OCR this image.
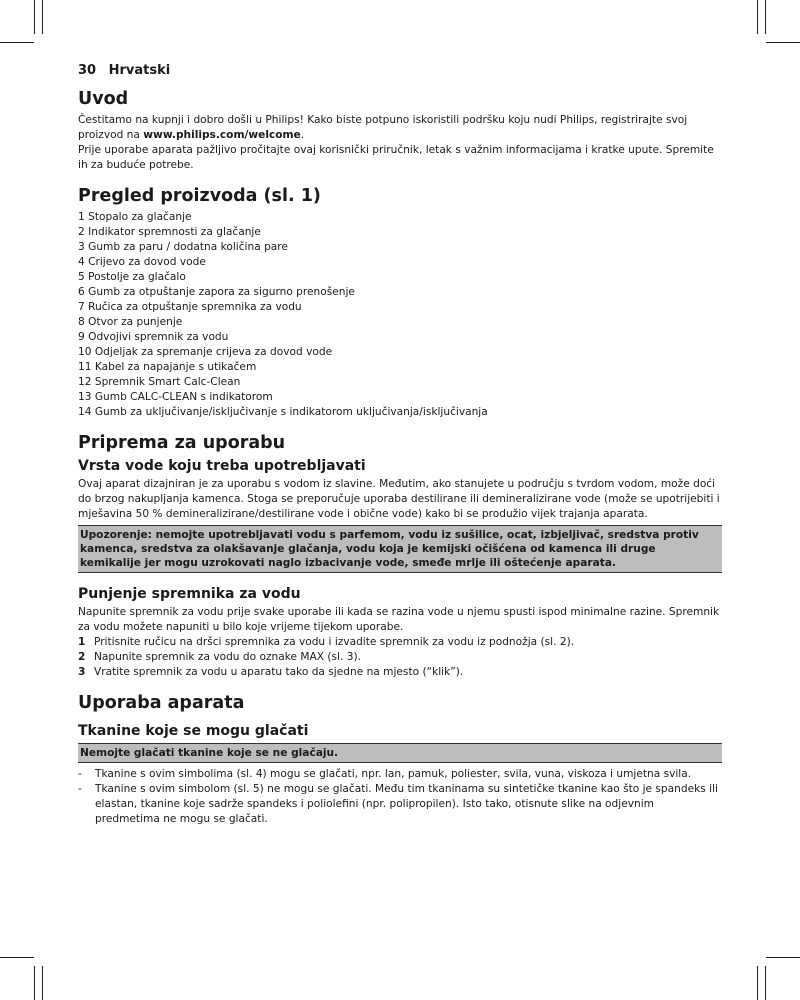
30 Hrvatski
Uvod

Čestitamo na kupnji i dobro došli u Philips! Kako biste potpuno iskoristili podršku koju nudi Philips, registrirajte svoj proizvod na www.philips.com/welcome.

Prije uporabe aparata pažljivo pročitajte ovaj korisnički priručnik, letak s važnim informacijama i kratke upute. Spremite ih za buduće potrebe.

Pregled proizvoda (sl. 1)
1 Stopalo za glačanje
2 Indikator spremnosti za glačanje
3 Gumb za paru / dodatna količina pare
4 Crijevo za dovod vode
5 Postolje za glačalo
6 Gumb za otpuštanje zapora za sigurno prenošenje
7 Ručica za otpuštanje spremnika za vodu
8 Otvor za punjenje
9 Odvojivi spremnik za vodu
10 Odjeljak za spremanje crijeva za dovod vode
11 Kabel za napajanje s utikačem
12 Spremnik Smart Calc-Clean
13 Gumb CALC-CLEAN s indikatorom
14 Gumb za uključivanje/isključivanje s indikatorom uključivanja/isključivanja
Priprema za uporabu
Vrsta vode koju treba upotrebljavati

Ovaj aparat dizajniran je za uporabu s vodom iz slavine. Međutim, ako stanujete u području s tvrdom vodom, može doći do brzog nakupljanja kamenca. Stoga se preporučuje uporaba destilirane ili demineralizirane vode (može se upotrijebiti i mješavina 50 % demineralizirane/destilirane vode i obične vode) kako bi se produžio vijek trajanja aparata.

Upozorenje: nemojte upotrebljavati vodu s parfemom, vodu iz sušilice, ocat, izbjeljivač, sredstva protiv kamenca, sredstva za olakšavanje glačanja, vodu koja je kemijski očišćena od kamenca ili druge kemikalije jer mogu uzrokovati naglo izbacivanje vode, smeđe mrlje ili oštećenje aparata.
Punjenje spremnika za vodu

Napunite spremnik za vodu prije svake uporabe ili kada se razina vode u njemu spusti ispod minimalne razine. Spremnik za vodu možete napuniti u bilo koje vrijeme tijekom uporabe.

1 Pritisnite ručicu na dršci spremnika za vodu i izvadite spremnik za vodu iz podnožja (sl. 2).
2 Napunite spremnik za vodu do oznake MAX (sl. 3).
3 Vratite spremnik za vodu u aparatu tako da sjedne na mjesto (“klik”).
Uporaba aparata
Tkanine koje se mogu glačati
Nemojte glačati tkanine koje se ne glačaju.
-	Tkanine s ovim simbolima (sl. 4) mogu se glačati, npr. lan, pamuk, poliester, svila, vuna, viskoza i umjetna svila.
-	Tkanine s ovim simbolom (sl. 5) ne mogu se glačati. Među tim tkaninama su sintetičke tkanine kao što je spandeks ili elastan, tkanine koje sadrže spandeks i poliolefini (npr. polipropilen). Isto tako, otisnute slike na odjevnim predmetima ne mogu se glačati.
